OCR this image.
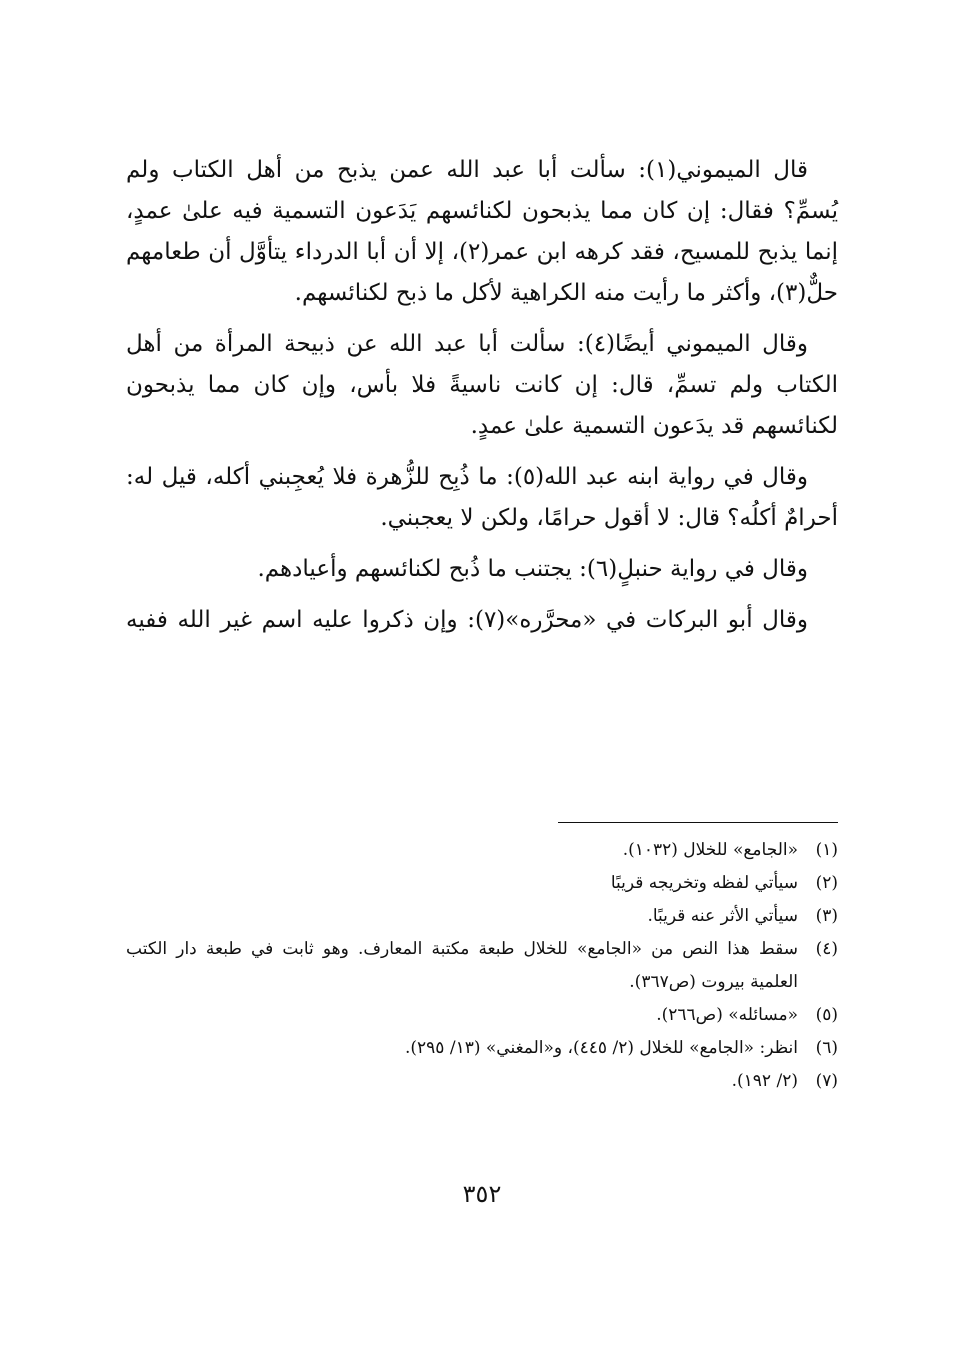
قال الميموني(١): سألت أبا عبد الله عمن يذبح من أهل الكتاب ولم يُسمِّ؟ فقال: إن كان مما يذبحون لكنائسهم يَدَعون التسمية فيه علىٰ عمدٍ، إنما يذبح للمسيح، فقد كرهه ابن عمر(٢)، إلا أن أبا الدرداء يتأوَّل أن طعامهم حلٌّ(٣)، وأكثر ما رأيت منه الكراهية لأكل ما ذبح لكنائسهم.

وقال الميموني أيضًا(٤): سألت أبا عبد الله عن ذبيحة المرأة من أهل الكتاب ولم تسمِّ، قال: إن كانت ناسيةً فلا بأس، وإن كان مما يذبحون لكنائسهم قد يدَعون التسمية علىٰ عمدٍ.

وقال في رواية ابنه عبد الله(٥): ما ذُبِح للزُّهرة فلا يُعجِبني أكله، قيل له: أحرامٌ أكلُه؟ قال: لا أقول حرامًا، ولكن لا يعجبني.

وقال في رواية حنبلٍ(٦): يجتنب ما ذُبح لكنائسهم وأعيادهم.

وقال أبو البركات في «محرَّره»(٧): وإن ذكروا عليه اسم غير الله ففيه

(١)
«الجامع» للخلال (١٠٣٢).
(٢)
سيأتي لفظه وتخريجه قريبًا
(٣)
سيأتي الأثر عنه قريبًا.
(٤)
سقط هذا النص من «الجامع» للخلال طبعة مكتبة المعارف. وهو ثابت في طبعة دار الكتب العلمية بيروت (ص٣٦٧).
(٥)
«مسائله» (ص٢٦٦).
(٦)
انظر: «الجامع» للخلال (٢/ ٤٤٥)، و«المغني» (١٣/ ٢٩٥).
(٧)
(٢/ ١٩٢).
٣٥٢
